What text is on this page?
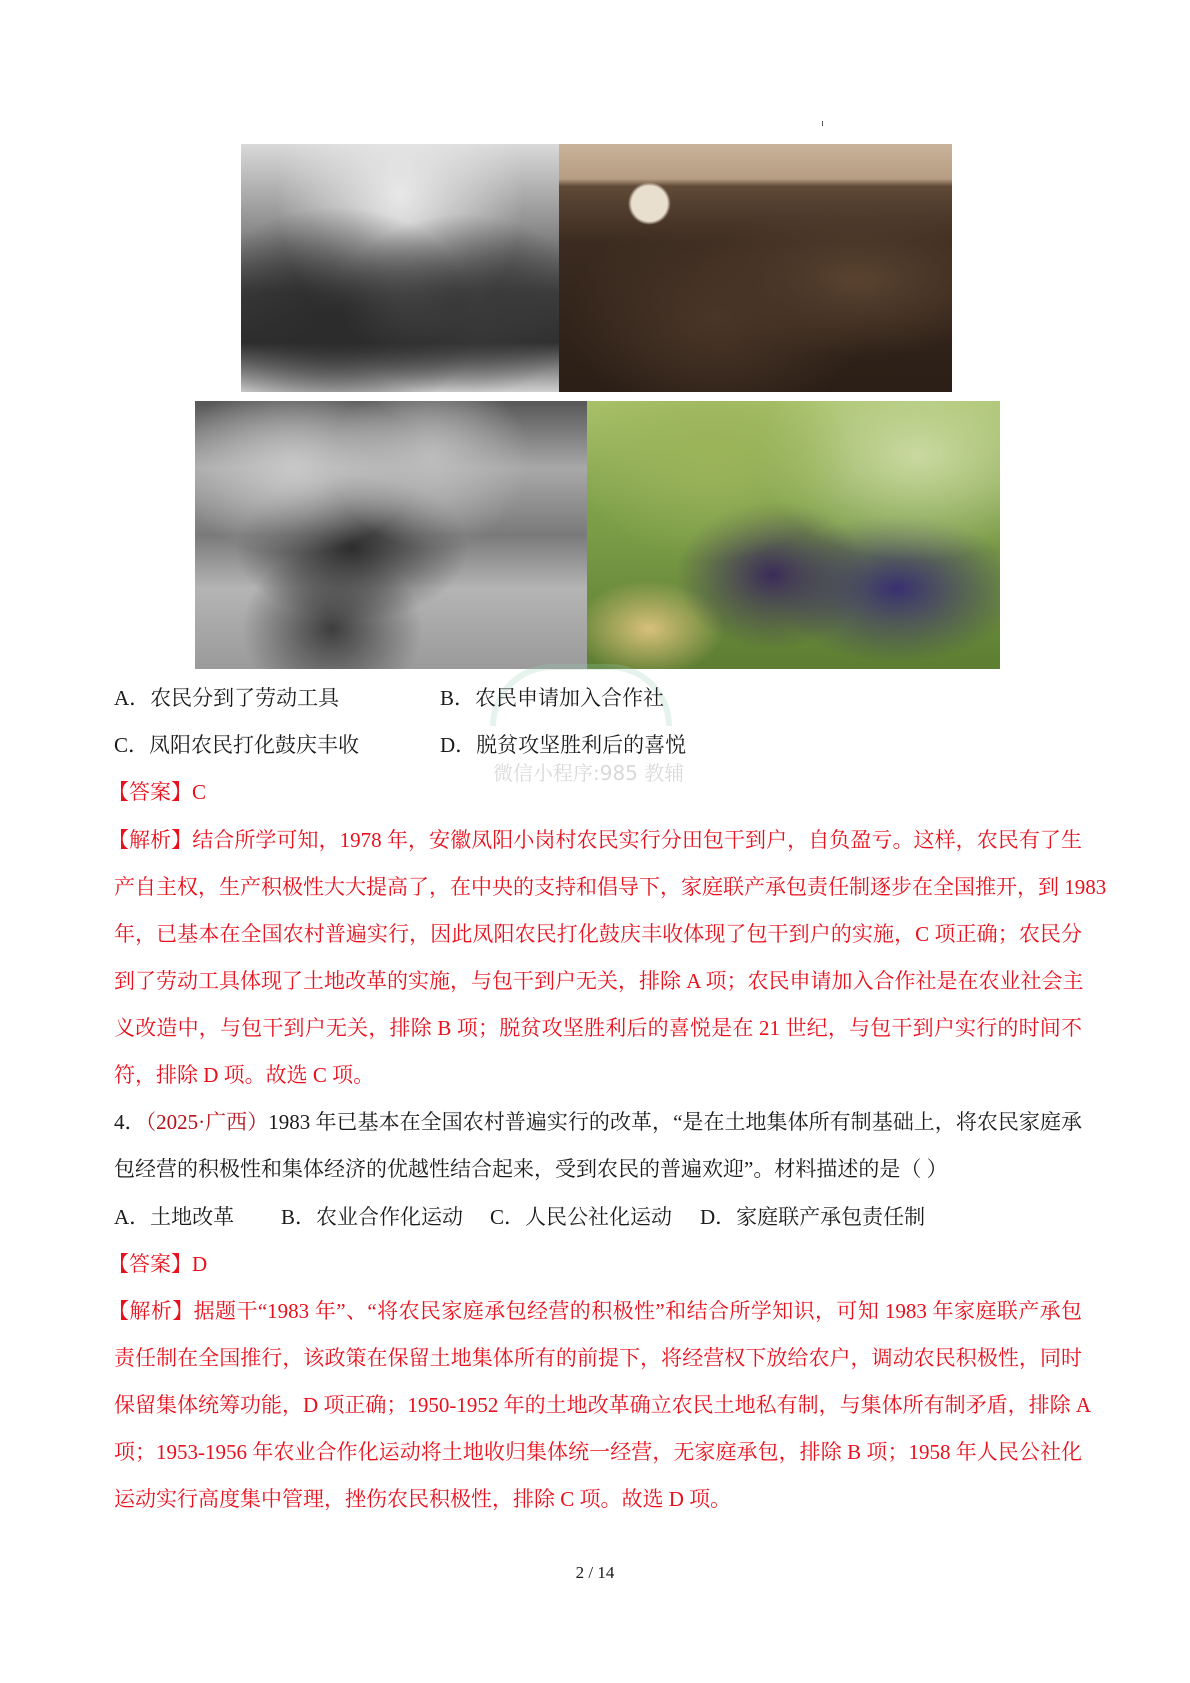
微信小程序:985 教辅
A．农民分到了劳动工具	B．农民申请加入合作社
C．凤阳农民打化鼓庆丰收	D．脱贫攻坚胜利后的喜悦
【答案】C
【解析】结合所学可知，1978 年，安徽凤阳小岗村农民实行分田包干到户，自负盈亏。这样，农民有了生
产自主权，生产积极性大大提高了，在中央的支持和倡导下，家庭联产承包责任制逐步在全国推开，到 1983
年，已基本在全国农村普遍实行，因此凤阳农民打化鼓庆丰收体现了包干到户的实施，C 项正确；农民分
到了劳动工具体现了土地改革的实施，与包干到户无关，排除 A 项；农民申请加入合作社是在农业社会主
义改造中，与包干到户无关，排除 B 项；脱贫攻坚胜利后的喜悦是在 21 世纪，与包干到户实行的时间不
符，排除 D 项。故选 C 项。
4．（2025·广西）1983 年已基本在全国农村普遍实行的改革，“是在土地集体所有制基础上，将农民家庭承
包经营的积极性和集体经济的优越性结合起来，受到农民的普遍欢迎”。材料描述的是（ ）
A．土地改革 B．农业合作化运动 C．人民公社化运动 D．家庭联产承包责任制
【答案】D
【解析】据题干“1983 年”、“将农民家庭承包经营的积极性”和结合所学知识，可知 1983 年家庭联产承包
责任制在全国推行，该政策在保留土地集体所有的前提下，将经营权下放给农户，调动农民积极性，同时
保留集体统筹功能，D 项正确；1950-1952 年的土地改革确立农民土地私有制，与集体所有制矛盾，排除 A
项；1953-1956 年农业合作化运动将土地收归集体统一经营，无家庭承包，排除 B 项；1958 年人民公社化
运动实行高度集中管理，挫伤农民积极性，排除 C 项。故选 D 项。
2 / 14
